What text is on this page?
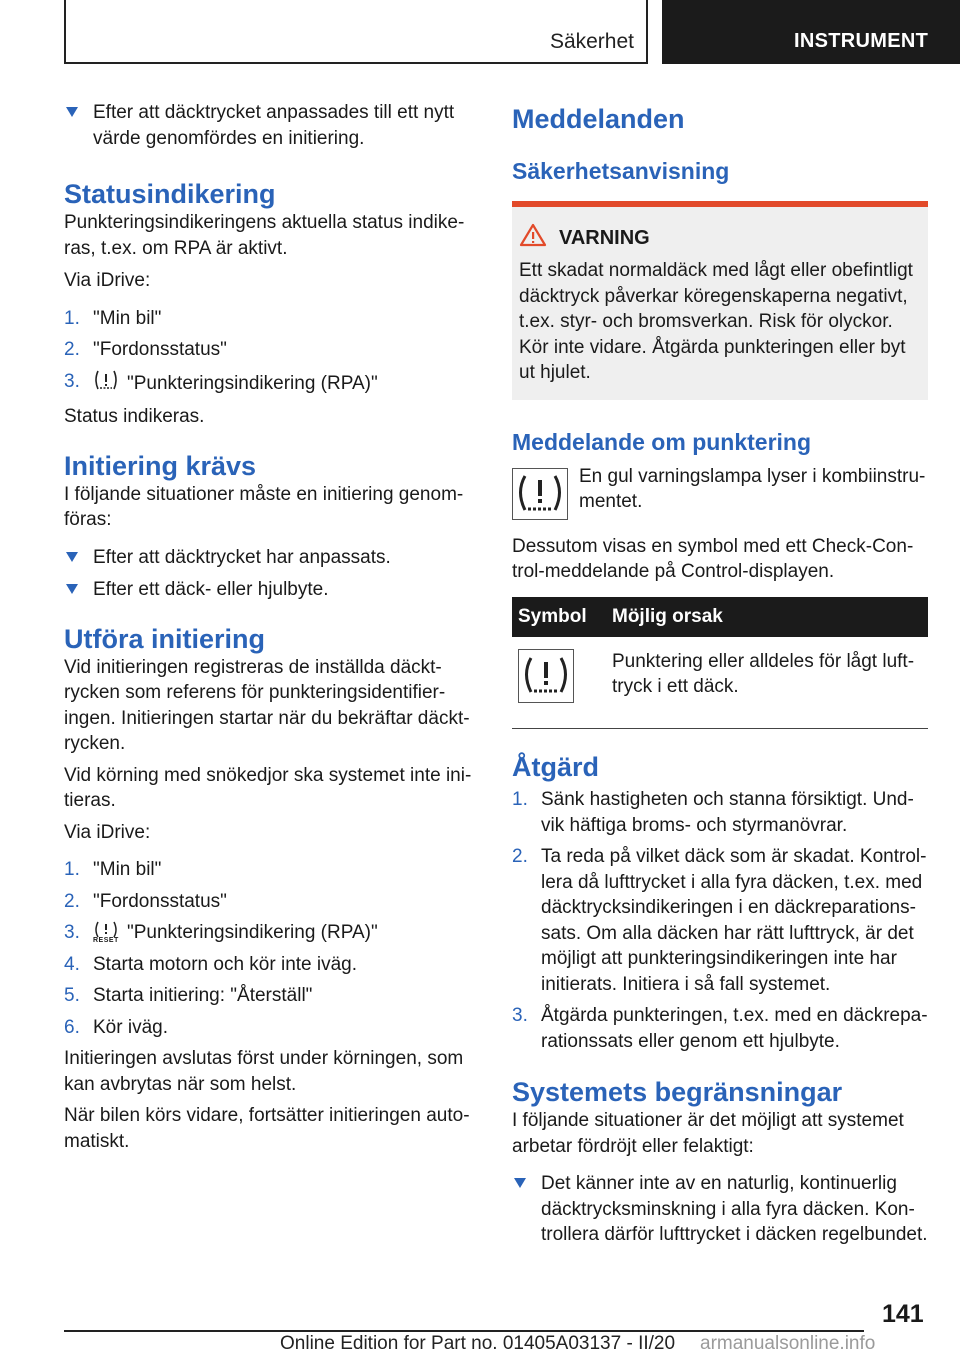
Säkerhet	INSTRUMENT
Efter att däcktrycket anpassades till ett nytt värde genomfördes en initiering.
Statusindikering

Punkteringsindikeringens aktuella status indikeras, t.ex. om RPA är aktivt.

Via iDrive:

1. "Min bil"
2. "Fordonsstatus"
3. "Punkteringsindikering (RPA)"

Status indikeras.

Initiering krävs

I följande situationer måste en initiering genomföras:

Efter att däcktrycket har anpassats.
Efter ett däck- eller hjulbyte.
Utföra initiering

Vid initieringen registreras de inställda däcktrycken som referens för punkteringsidentifieringen. Initieringen startar när du bekräftar däcktrycken.

Vid körning med snökedjor ska systemet inte initieras.

Via iDrive:

1. "Min bil"
2. "Fordonsstatus"
3. RESET "Punkteringsindikering (RPA)"
4. Starta motorn och kör inte iväg.
5. Starta initiering: "Återställ"
6. Kör iväg.

Initieringen avslutas först under körningen, som kan avbrytas när som helst.

När bilen körs vidare, fortsätter initieringen automatiskt.

Meddelanden
Säkerhetsanvisning
VARNING

Ett skadat normaldäck med lågt eller obefintligt däcktryck påverkar köregenskaperna negativt, t.ex. styr- och bromsverkan. Risk för olyckor. Kör inte vidare. Åtgärda punkteringen eller byt ut hjulet.

Meddelande om punktering

En gul varningslampa lyser i kombiinstrumentet.

Dessutom visas en symbol med ett Check-Control-meddelande på Control-displayen.

Symbol	Möjlig orsak
	Punktering eller alldeles för lågt lufttryck i ett däck.
Åtgärd
1. Sänk hastigheten och stanna försiktigt. Undvik häftiga broms- och styrmanövrar.
2. Ta reda på vilket däck som är skadat. Kontrollera då lufttrycket i alla fyra däcken, t.ex. med däcktrycksindikeringen i en däckreparationssats. Om alla däcken har rätt lufttryck, är det möjligt att punkteringsindikeringen inte har initierats. Initiera i så fall systemet.
3. Åtgärda punkteringen, t.ex. med en däckreparationssats eller genom ett hjulbyte.
Systemets begränsningar

I följande situationer är det möjligt att systemet arbetar fördröjt eller felaktigt:

Det känner inte av en naturlig, kontinuerlig däcktrycksminskning i alla fyra däcken. Kontrollera därför lufttrycket i däcken regelbundet.
141
Online Edition for Part no. 01405A03137 - II/20 armanualsonline.info
